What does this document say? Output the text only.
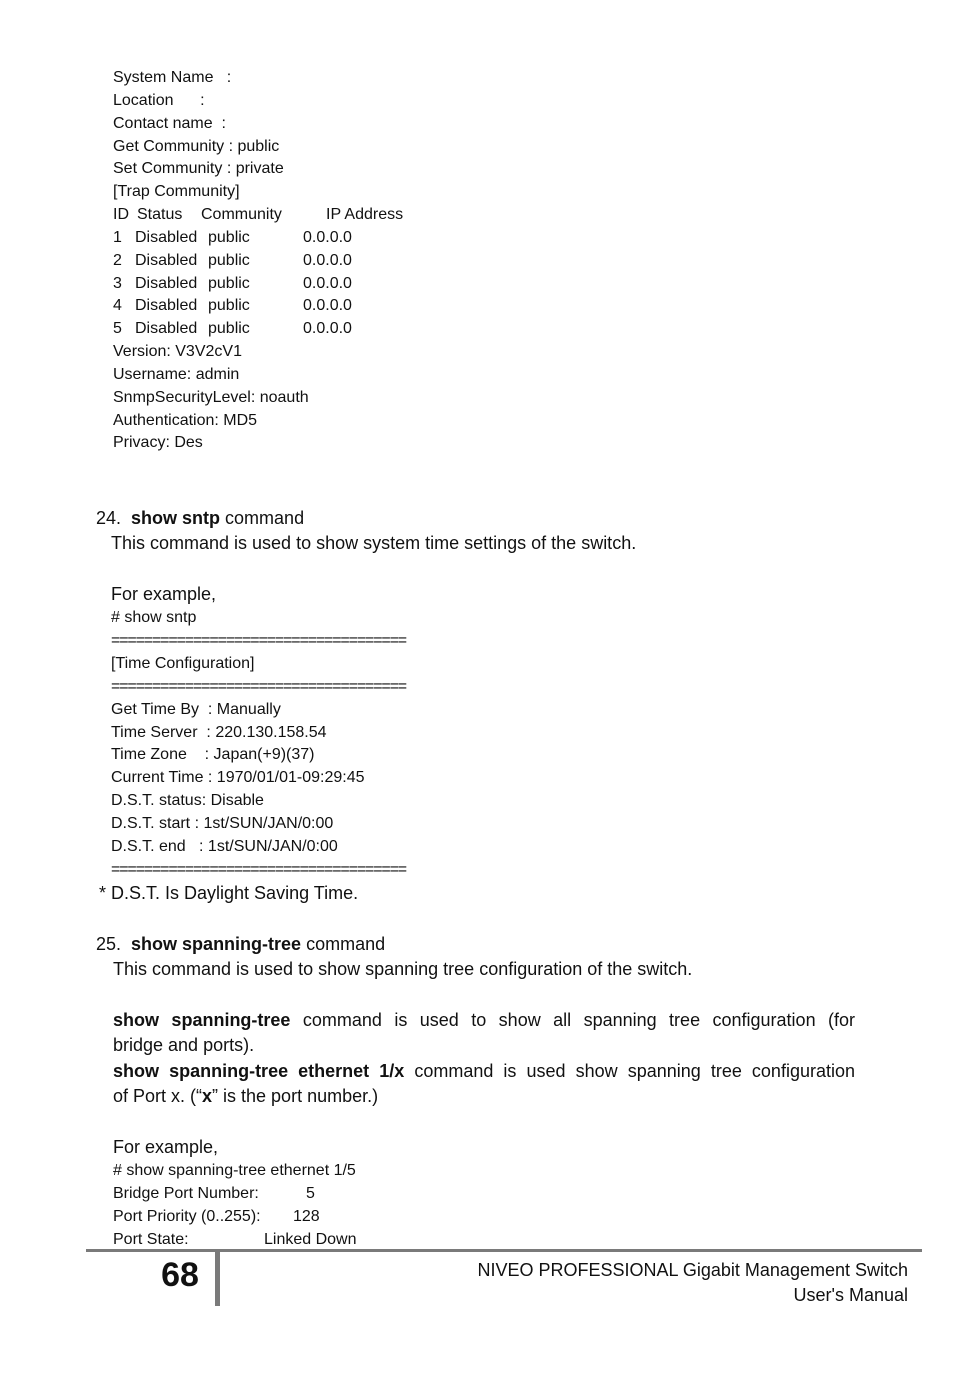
System Name   :
Location      :
Contact name  :
Get Community : public
Set Community : private
[Trap Community]
ID Status Community	IP Address
1 Disabled public	0.0.0.0
2 Disabled public	0.0.0.0
3 Disabled public	0.0.0.0
4 Disabled public	0.0.0.0
5 Disabled public	0.0.0.0
Version: V3V2cV1
Username: admin
SnmpSecurityLevel: noauth
Authentication: MD5
Privacy: Des
24. show sntp command
This command is used to show system time settings of the switch.
For example,
# show sntp
====================================
[Time Configuration]
====================================
Get Time By  : Manually
Time Server  : 220.130.158.54
Time Zone    : Japan(+9)(37)
Current Time : 1970/01/01-09:29:45
D.S.T. status: Disable
D.S.T. start : 1st/SUN/JAN/0:00
D.S.T. end   : 1st/SUN/JAN/0:00
====================================
* D.S.T. Is Daylight Saving Time.
25. show spanning-tree command
This command is used to show spanning tree configuration of the switch.
show spanning-tree command is used to show all spanning tree configuration (for
bridge and ports).
show spanning-tree ethernet 1/x command is used show spanning tree configuration
of Port x. (“x” is the port number.)
For example,
# show spanning-tree ethernet 1/5
Bridge Port Number:	5
Port Priority (0..255): 128
Port State:	Linked Down
68	NIVEO PROFESSIONAL Gigabit Management Switch
User's Manual
